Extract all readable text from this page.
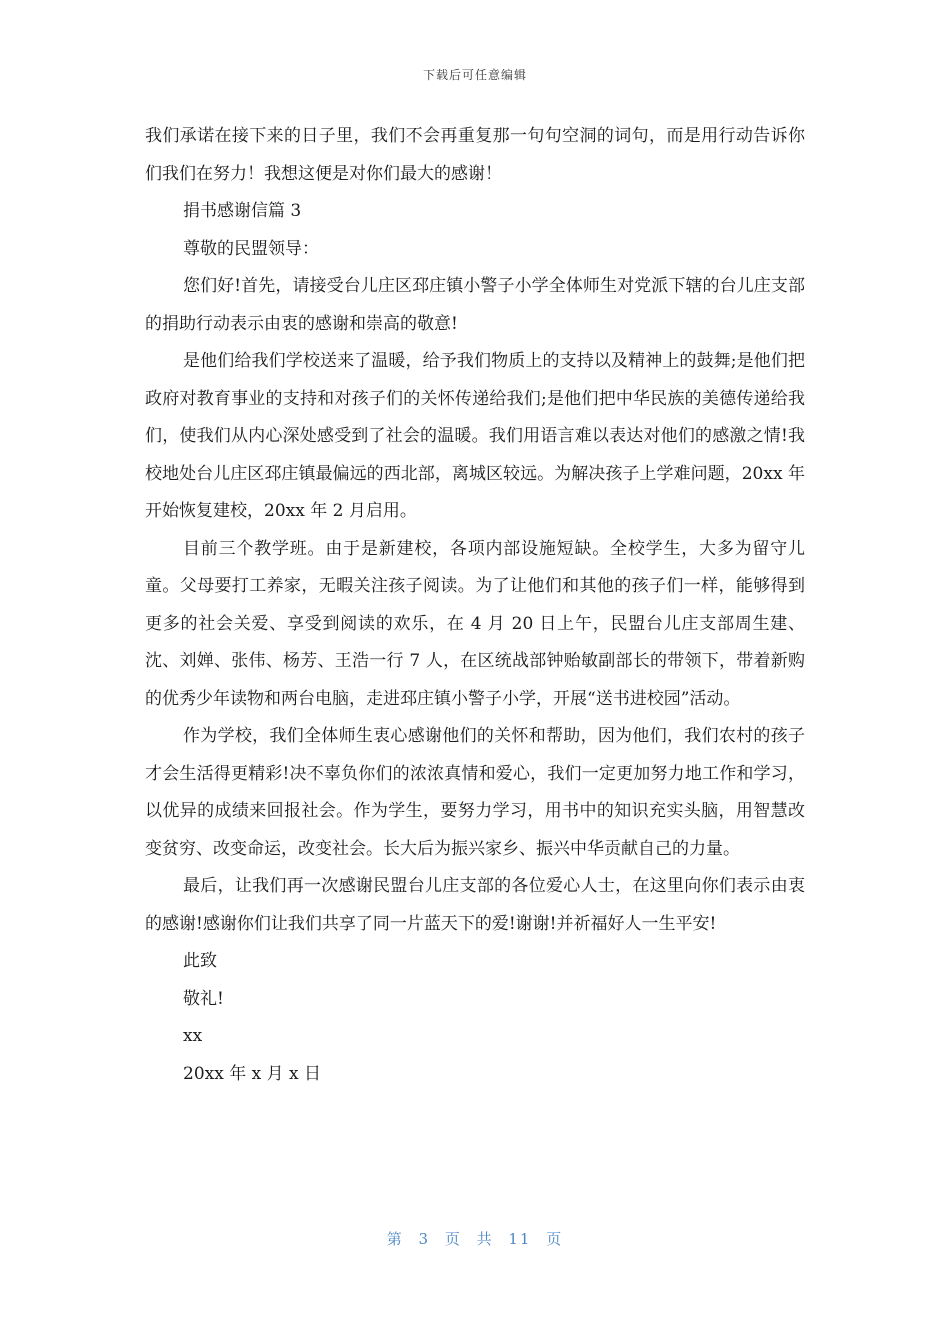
下载后可任意编辑

我们承诺在接下来的日子里，我们不会再重复那一句句空洞的词句，而是用行动告诉你们我们在努力！我想这便是对你们最大的感谢！

捐书感谢信篇 3

尊敬的民盟领导：

您们好!首先，请接受台儿庄区邳庄镇小警子小学全体师生对党派下辖的台儿庄支部的捐助行动表示由衷的感谢和崇高的敬意!

是他们给我们学校送来了温暖，给予我们物质上的支持以及精神上的鼓舞;是他们把政府对教育事业的支持和对孩子们的关怀传递给我们;是他们把中华民族的美德传递给我们，使我们从内心深处感受到了社会的温暖。我们用语言难以表达对他们的感激之情!我校地处台儿庄区邳庄镇最偏远的西北部，离城区较远。为解决孩子上学难问题，20xx 年开始恢复建校，20xx 年 2 月启用。

目前三个教学班。由于是新建校，各项内部设施短缺。全校学生，大多为留守儿童。父母要打工养家，无暇关注孩子阅读。为了让他们和其他的孩子们一样，能够得到更多的社会关爱、享受到阅读的欢乐，在 4 月 20 日上午，民盟台儿庄支部周生建、沈、刘婵、张伟、杨芳、王浩一行 7 人，在区统战部钟贻敏副部长的带领下，带着新购的优秀少年读物和两台电脑，走进邳庄镇小警子小学，开展“送书进校园”活动。

作为学校，我们全体师生衷心感谢他们的关怀和帮助，因为他们，我们农村的孩子才会生活得更精彩!决不辜负你们的浓浓真情和爱心，我们一定更加努力地工作和学习，以优异的成绩来回报社会。作为学生，要努力学习，用书中的知识充实头脑，用智慧改变贫穷、改变命运，改变社会。长大后为振兴家乡、振兴中华贡献自己的力量。

最后，让我们再一次感谢民盟台儿庄支部的各位爱心人士，在这里向你们表示由衷的感谢!感谢你们让我们共享了同一片蓝天下的爱!谢谢!并祈福好人一生平安!

此致

敬礼!

xx

20xx 年 x 月 x 日

第 3 页 共 11 页
